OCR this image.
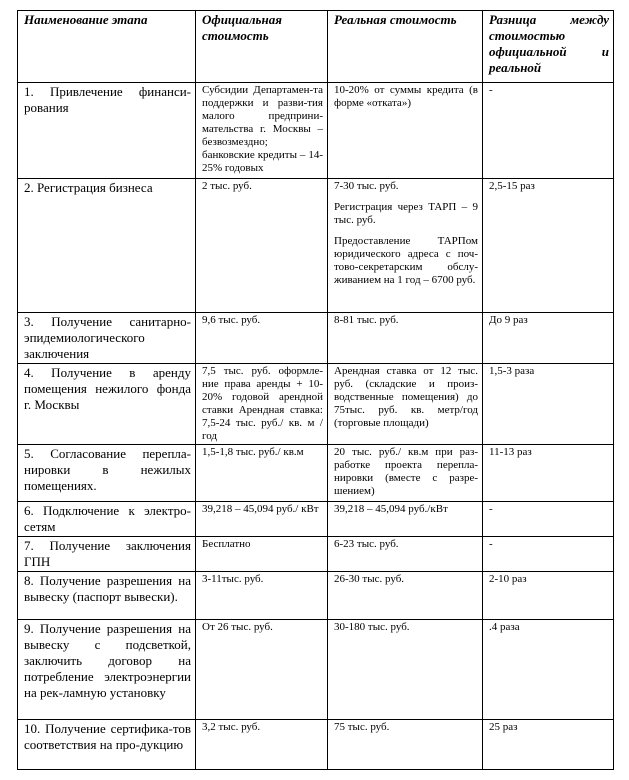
Наименование этапа	Официальная стоимость	Реальная стоимость	Разница между стоимостью официальной и реальной
1. Привлечение финанси-рования	Субсидии Департамен-та поддержки и разви-тия малого предприни-мательства г. Москвы – безвозмездно; банковские кредиты – 14-25% годовых	10-20% от суммы кредита (в форме «отката»)	-
2. Регистрация бизнеса	2 тыс. руб.	7-30 тыс. руб.

Регистрация через ТАРП – 9 тыс. руб.

Предоставление ТАРПом юридического адреса с поч-тово-секретарским обслу-живанием на 1 год – 6700 руб.	2,5-15 раз
3. Получение санитарно-эпидемиологического заключения	9,6 тыс. руб.	8-81 тыс. руб.	До 9 раз
4. Получение в аренду помещения нежилого фонда г. Москвы	7,5 тыс. руб. оформле-ние права аренды + 10-20% годовой арендной ставки Арендная ставка: 7,5-24 тыс. руб./ кв. м / год	Арендная ставка от 12 тыс. руб. (складские и произ-водственные помещения) до 75тыс. руб. кв. метр/год (торговые площади)	1,5-3 раза
5. Согласование перепла-нировки в нежилых помещениях.	1,5-1,8 тыс. руб./ кв.м	20 тыс. руб./ кв.м при раз-работке проекта перепла-нировки (вместе с разре-шением)	11-13 раз
6. Подключение к электро-сетям	39,218 – 45,094 руб./ кВт	39,218 – 45,094 руб./кВт	-
7. Получение заключения ГПН	Бесплатно	6-23 тыс. руб.	-
8. Получение разрешения на вывеску (паспорт вывески).	3-11тыс. руб.	26-30 тыс. руб.	2-10 раз
9. Получение разрешения на вывеску с подсветкой, заключить договор на потребление электроэнергии на рек-ламную установку	От 26 тыс. руб.	30-180 тыс. руб.	.4 раза
10. Получение сертифика-тов соответствия на про-дукцию	3,2 тыс. руб.	75 тыс. руб.	25 раз
